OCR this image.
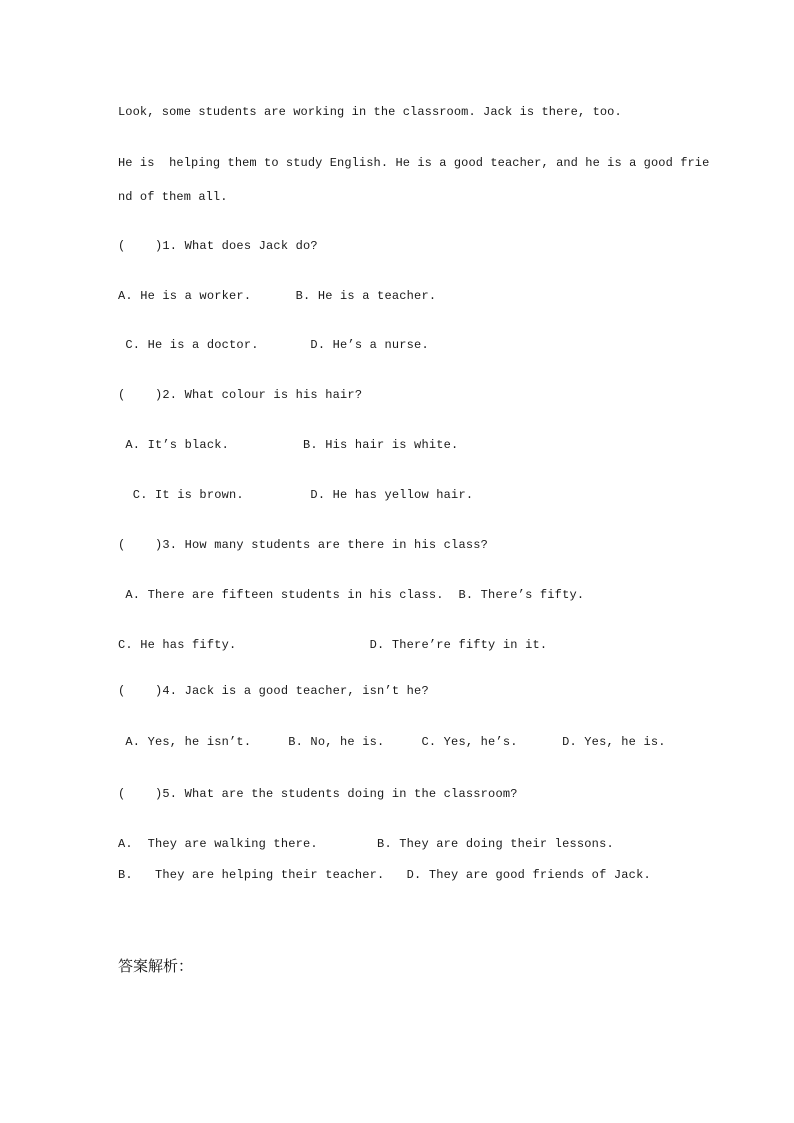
Look, some students are working in the classroom. Jack is there, too.
He is  helping them to study English. He is a good teacher, and he is a good frie
nd of them all.
(    )1. What does Jack do?
A. He is a worker.      B. He is a teacher.
C. He is a doctor.       D. He’s a nurse.
(    )2. What colour is his hair?
A. It’s black.          B. His hair is white.
C. It is brown.         D. He has yellow hair.
(    )3. How many students are there in his class?
A. There are fifteen students in his class.  B. There’s fifty.
C. He has fifty.                  D. There’re fifty in it.
(    )4. Jack is a good teacher, isn’t he?
A. Yes, he isn’t.     B. No, he is.     C. Yes, he’s.      D. Yes, he is.
(    )5. What are the students doing in the classroom?
A.  They are walking there.        B. They are doing their lessons.
B.   They are helping their teacher.   D. They are good friends of Jack.
答案解析：
